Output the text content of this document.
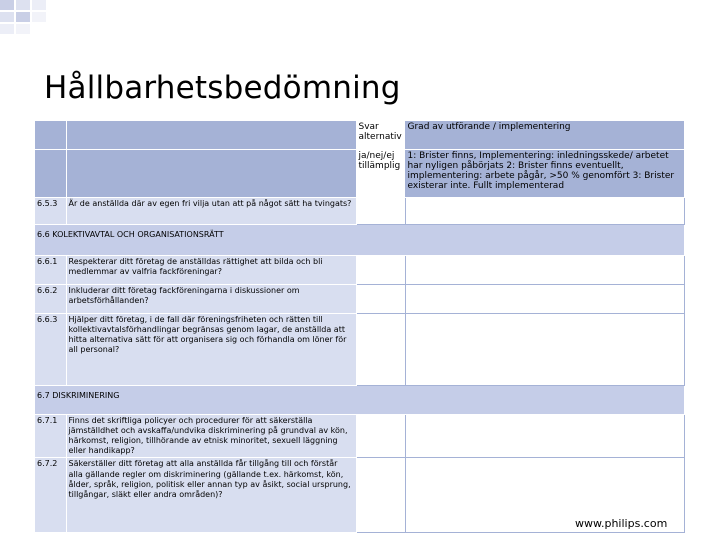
Hållbarhetsbedömning
		Svar alternativ	Grad av utförande / implementering
		ja/nej/ej tillämplig	1: Brister finns, Implementering: inledningsskede/ arbetet har nyligen påbörjats 2: Brister finns eventuellt, implementering: arbete pågår, >50 % genomfört 3: Brister existerar inte. Fullt implementerad
6.5.3	Är de anställda där av egen fri vilja utan att på något sätt ha tvingats?		
6.6 KOLEKTIVAVTAL OCH ORGANISATIONSRÄTT			
6.6.1	Respekterar ditt företag de anställdas rättighet att bilda och bli medlemmar av valfria fackföreningar?		
6.6.2	Inkluderar ditt företag fackföreningarna i diskussioner om arbetsförhållanden?		
6.6.3	Hjälper ditt företag, i de fall där föreningsfriheten och rätten till kollektivavtalsförhandlingar begränsas genom lagar, de anställda att hitta alternativa sätt för att organisera sig och förhandla om löner för all personal?		
6.7 DISKRIMINERING			
6.7.1	Finns det skriftliga policyer och procedurer för att säkerställa jämställdhet och avskaffa/undvika diskriminering på grundval av kön, härkomst, religion, tillhörande av etnisk minoritet, sexuell läggning eller handikapp?		
6.7.2	Säkerställer ditt företag att alla anställda får tillgång till och förstår alla gällande regler om diskriminering (gällande t.ex. härkomst, kön, ålder, språk, religion, politisk eller annan typ av åsikt, social ursprung, tillgångar, släkt eller andra områden)?		
www.philips.com
